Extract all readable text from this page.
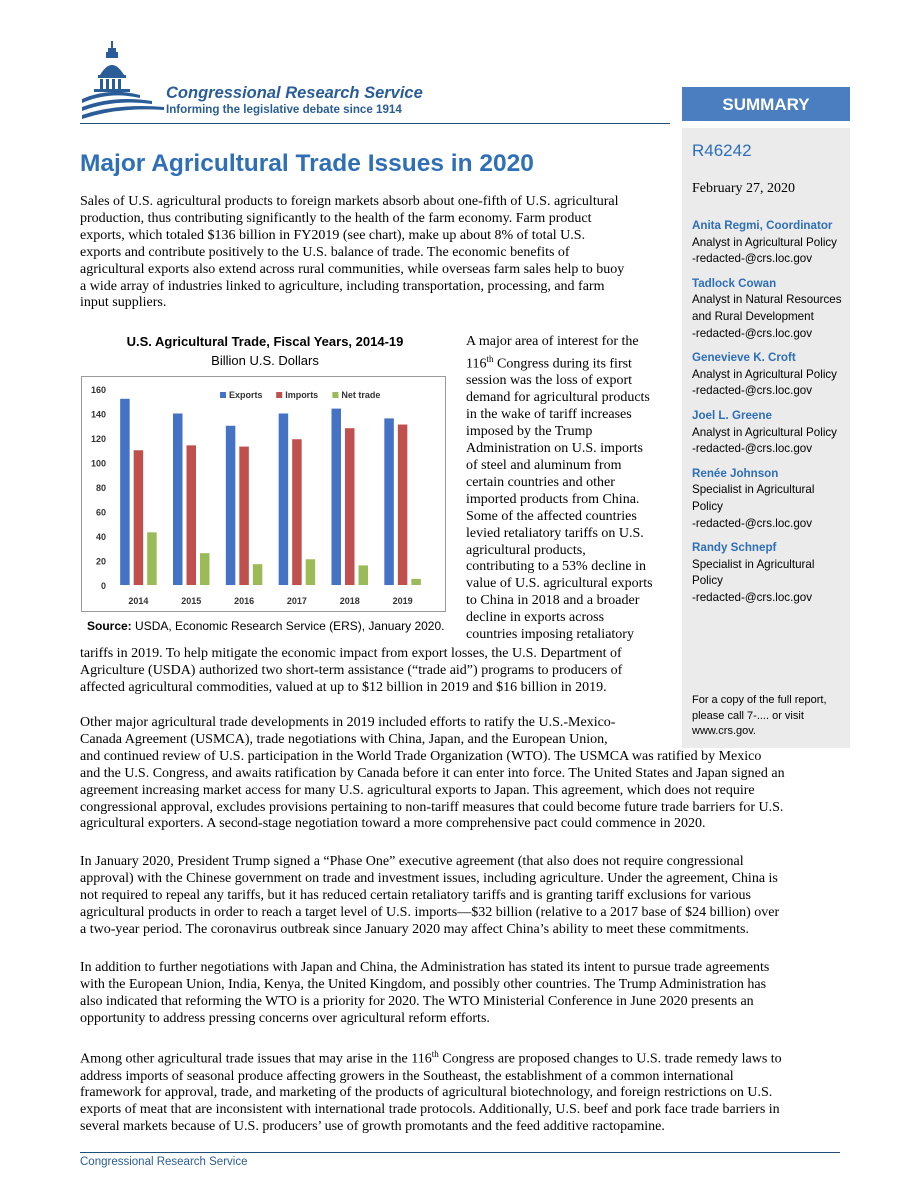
Congressional Research Service
Informing the legislative debate since 1914	SUMMARY
R46242
February 27, 2020
Anita Regmi, Coordinator
Analyst in Agricultural Policy
-redacted-@crs.loc.gov
Tadlock Cowan
Analyst in Natural Resources and Rural Development
-redacted-@crs.loc.gov
Genevieve K. Croft
Analyst in Agricultural Policy
-redacted-@crs.loc.gov
Joel L. Greene
Analyst in Agricultural Policy
-redacted-@crs.loc.gov
Renée Johnson
Specialist in Agricultural Policy
-redacted-@crs.loc.gov
Randy Schnepf
Specialist in Agricultural Policy
-redacted-@crs.loc.gov
For a copy of the full report, please call 7-.... or visit www.crs.gov.
Major Agricultural Trade Issues in 2020
Sales of U.S. agricultural products to foreign markets absorb about one-fifth of U.S. agricultural
production, thus contributing significantly to the health of the farm economy. Farm product
exports, which totaled $136 billion in FY2019 (see chart), make up about 8% of total U.S.
exports and contribute positively to the U.S. balance of trade. The economic benefits of
agricultural exports also extend across rural communities, while overseas farm sales help to buoy
a wide array of industries linked to agriculture, including transportation, processing, and farm
input suppliers.
U.S. Agricultural Trade, Fiscal Years, 2014-19
Billion U.S. Dollars
0
20
40
60
80
100
120
140
160
2014	2015	2016	2017	2018	2019
Exports	Imports	Net trade
Source: USDA, Economic Research Service (ERS), January 2020.
A major area of interest for the
116th Congress during its first
session was the loss of export
demand for agricultural products
in the wake of tariff increases
imposed by the Trump
Administration on U.S. imports
of steel and aluminum from
certain countries and other
imported products from China.
Some of the affected countries
levied retaliatory tariffs on U.S.
agricultural products,
contributing to a 53% decline in
value of U.S. agricultural exports
to China in 2018 and a broader
decline in exports across
countries imposing retaliatory
tariffs in 2019. To help mitigate the economic impact from export losses, the U.S. Department of
Agriculture (USDA) authorized two short-term assistance (“trade aid”) programs to producers of
affected agricultural commodities, valued at up to $12 billion in 2019 and $16 billion in 2019.
Other major agricultural trade developments in 2019 included efforts to ratify the U.S.-Mexico-
Canada Agreement (USMCA), trade negotiations with China, Japan, and the European Union,
and continued review of U.S. participation in the World Trade Organization (WTO). The USMCA was ratified by Mexico
and the U.S. Congress, and awaits ratification by Canada before it can enter into force. The United States and Japan signed an
agreement increasing market access for many U.S. agricultural exports to Japan. This agreement, which does not require
congressional approval, excludes provisions pertaining to non-tariff measures that could become future trade barriers for U.S.
agricultural exporters. A second-stage negotiation toward a more comprehensive pact could commence in 2020.
In January 2020, President Trump signed a “Phase One” executive agreement (that also does not require congressional
approval) with the Chinese government on trade and investment issues, including agriculture. Under the agreement, China is
not required to repeal any tariffs, but it has reduced certain retaliatory tariffs and is granting tariff exclusions for various
agricultural products in order to reach a target level of U.S. imports—$32 billion (relative to a 2017 base of $24 billion) over
a two-year period. The coronavirus outbreak since January 2020 may affect China’s ability to meet these commitments.
In addition to further negotiations with Japan and China, the Administration has stated its intent to pursue trade agreements
with the European Union, India, Kenya, the United Kingdom, and possibly other countries. The Trump Administration has
also indicated that reforming the WTO is a priority for 2020. The WTO Ministerial Conference in June 2020 presents an
opportunity to address pressing concerns over agricultural reform efforts.
Among other agricultural trade issues that may arise in the 116th Congress are proposed changes to U.S. trade remedy laws to
address imports of seasonal produce affecting growers in the Southeast, the establishment of a common international
framework for approval, trade, and marketing of the products of agricultural biotechnology, and foreign restrictions on U.S.
exports of meat that are inconsistent with international trade protocols. Additionally, U.S. beef and pork face trade barriers in
several markets because of U.S. producers’ use of growth promotants and the feed additive ractopamine.
Congressional Research Service
